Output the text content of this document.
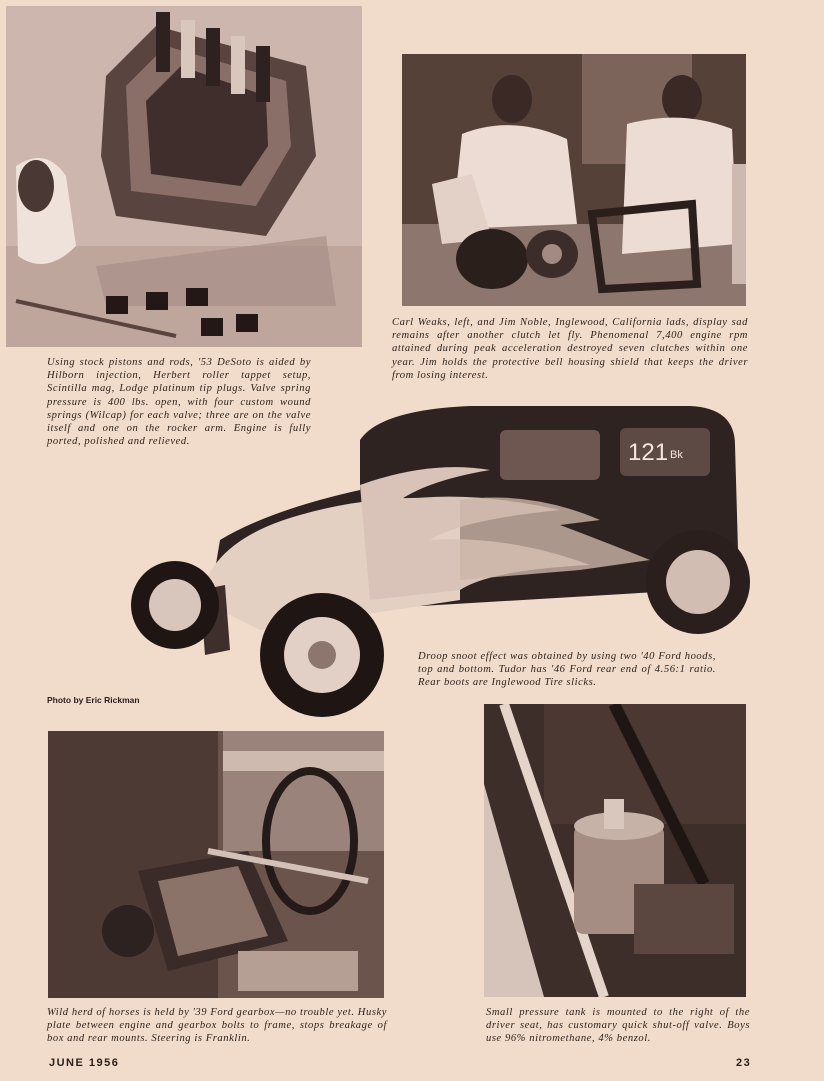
Carl Weaks, left, and Jim Noble, Inglewood, California lads, display sad remains after another clutch let fly. Phenomenal 7,400 engine rpm attained during peak acceleration destroyed seven clutches within one year. Jim holds the protective bell housing shield that keeps the driver from losing interest.

Using stock pistons and rods, '53 DeSoto is aided by Hilborn injection, Herbert roller tappet setup, Scintilla mag, Lodge platinum tip plugs. Valve spring pressure is 400 lbs. open, with four custom wound springs (Wilcap) for each valve; three are on the valve itself and one on the rocker arm. Engine is fully ported, polished and relieved.	121 Bk

Droop snoot effect was obtained by using two '40 Ford hoods, top and bottom. Tudor has '46 Ford rear end of 4.56:1 ratio. Rear boots are Inglewood Tire slicks.

Photo by Eric Rickman

Wild herd of horses is held by '39 Ford gearbox—no trouble yet. Husky plate between engine and gearbox bolts to frame, stops breakage of box and rear mounts. Steering is Franklin.

Small pressure tank is mounted to the right of the driver seat, has customary quick shut-off valve. Boys use 96% nitromethane, 4% benzol.

JUNE 1956	23
